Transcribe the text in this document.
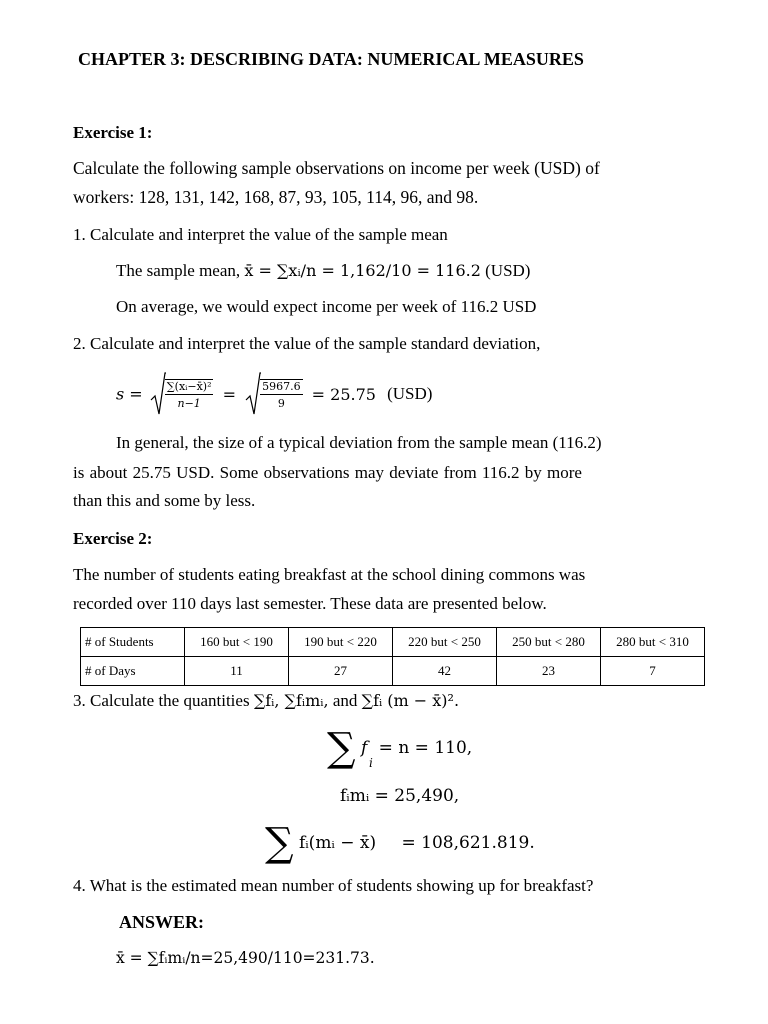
CHAPTER 3: DESCRIBING DATA: NUMERICAL MEASURES
Exercise 1:
Calculate the following sample observations on income per week (USD) of
workers: 128, 131, 142, 168, 87, 93, 105, 114, 96, and 98.
1. Calculate and interpret the value of the sample mean
The sample mean, x̄ = ∑xᵢ/n = 1,162/10 = 116.2 (USD)
On average, we would expect income per week of 116.2 USD
2. Calculate and interpret the value of the sample standard deviation,
$s = \frac{\text{∑(xᵢ−x̄)²}}{n-1} = \frac{5967.6}{9} = 25.75$ (USD)
In general, the size of a typical deviation from the sample mean (116.2)
is about 25.75 USD. Some observations may deviate from 116.2 by more
than this and some by less.
Exercise 2:
The number of students eating breakfast at the school dining commons was
recorded over 110 days last semester. These data are presented below.
# of Students	160 but < 190	190 but < 220	220 but < 250	250 but < 280	280 but < 310
# of Days	11	27	42	23	7
3. Calculate the quantities ∑fᵢ, ∑fᵢmᵢ, and ∑fᵢ (m − x̄)².
∑ f = n = 110,
i
fᵢmᵢ = 25,490,
∑ fᵢ(mᵢ − x̄) = 108,621.819.
4. What is the estimated mean number of students showing up for breakfast?
ANSWER:
x̄ = ∑fᵢmᵢ/n=25,490/110=231.73.
